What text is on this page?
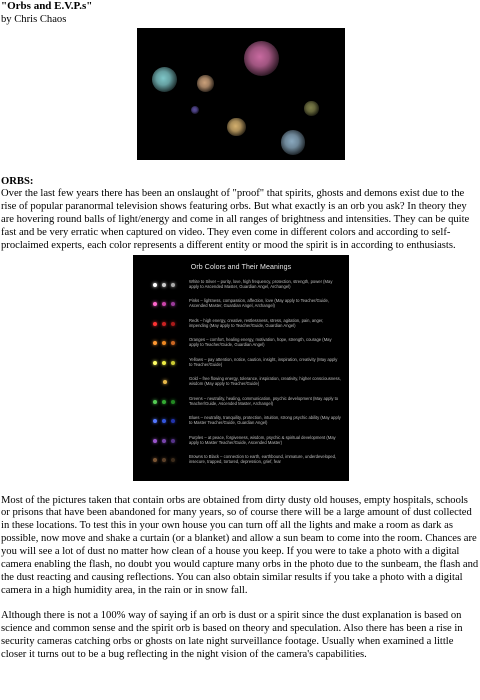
"Orbs and E.V.P.s"

by Chris Chaos

ORBS:

Over the last few years there has been an onslaught of "proof" that spirits, ghosts and demons exist due to the rise of popular paranormal television shows featuring orbs. But what exactly is an orb you ask? In theory they are hovering round balls of light/energy and come in all ranges of brightness and intensities. They can be quite fast and be very erratic when captured on video. They even come in different colors and according to self-proclaimed experts, each color represents a different entity or mood the spirit is in according to enthusiasts.

Orb Colors and Their Meanings
White to Silver – purity, love, high frequency, protection, strength, power (May apply to Ascended Master, Guardian Angel, Archangel)
Pinks – lightness, compassion, affection, love (May apply to Teacher/Guide, Ascended Master, Guardian Angel, Archangel)
Reds – high energy, creative, restlessness, stress, agitation, pain, anger, impending (May apply to Teacher/Guide, Guardian Angel)
Oranges – comfort, healing energy, motivation, hope, strength, courage (May apply to Teacher/Guide, Guardian Angel)
Yellows – pay attention, notice, caution, insight, inspiration, creativity (May apply to Teacher/Guide)
Gold – free flowing energy, tolerance, inspiration, creativity, higher consciousness, wisdom (May apply to Teacher/Guide)
Greens – neutrality, healing, communication, psychic development (May apply to Teacher/Guide, Ascended Master, Archangel)
Blues – neutrality, tranquility, protection, intuition, strong psychic ability (May apply to Master Teacher/Guide, Guardian Angel)
Purples – at peace, forgiveness, wisdom, psychic & spiritual development (May apply to Master Teacher/Guide, Ascended Master)
Browns to Black – connection to earth, earthbound, immature, underdeveloped, insecure, trapped, tortured, depression, grief, fear

Most of the pictures taken that contain orbs are obtained from dirty dusty old houses, empty hospitals, schools or prisons that have been abandoned for many years, so of course there will be a large amount of dust collected in these locations. To test this in your own house you can turn off all the lights and make a room as dark as possible, now move and shake a curtain (or a blanket) and allow a sun beam to come into the room. Chances are you will see a lot of dust no matter how clean of a house you keep. If you were to take a photo with a digital camera enabling the flash, no doubt you would capture many orbs in the photo due to the sunbeam, the flash and the dust reacting and causing reflections. You can also obtain similar results if you take a photo with a digital camera in a high humidity area, in the rain or in snow fall.

Although there is not a 100% way of saying if an orb is dust or a spirit since the dust explanation is based on science and common sense and the spirit orb is based on theory and speculation. Also there has been a rise in security cameras catching orbs or ghosts on late night surveillance footage. Usually when examined a little closer it turns out to be a bug reflecting in the night vision of the camera's capabilities.
